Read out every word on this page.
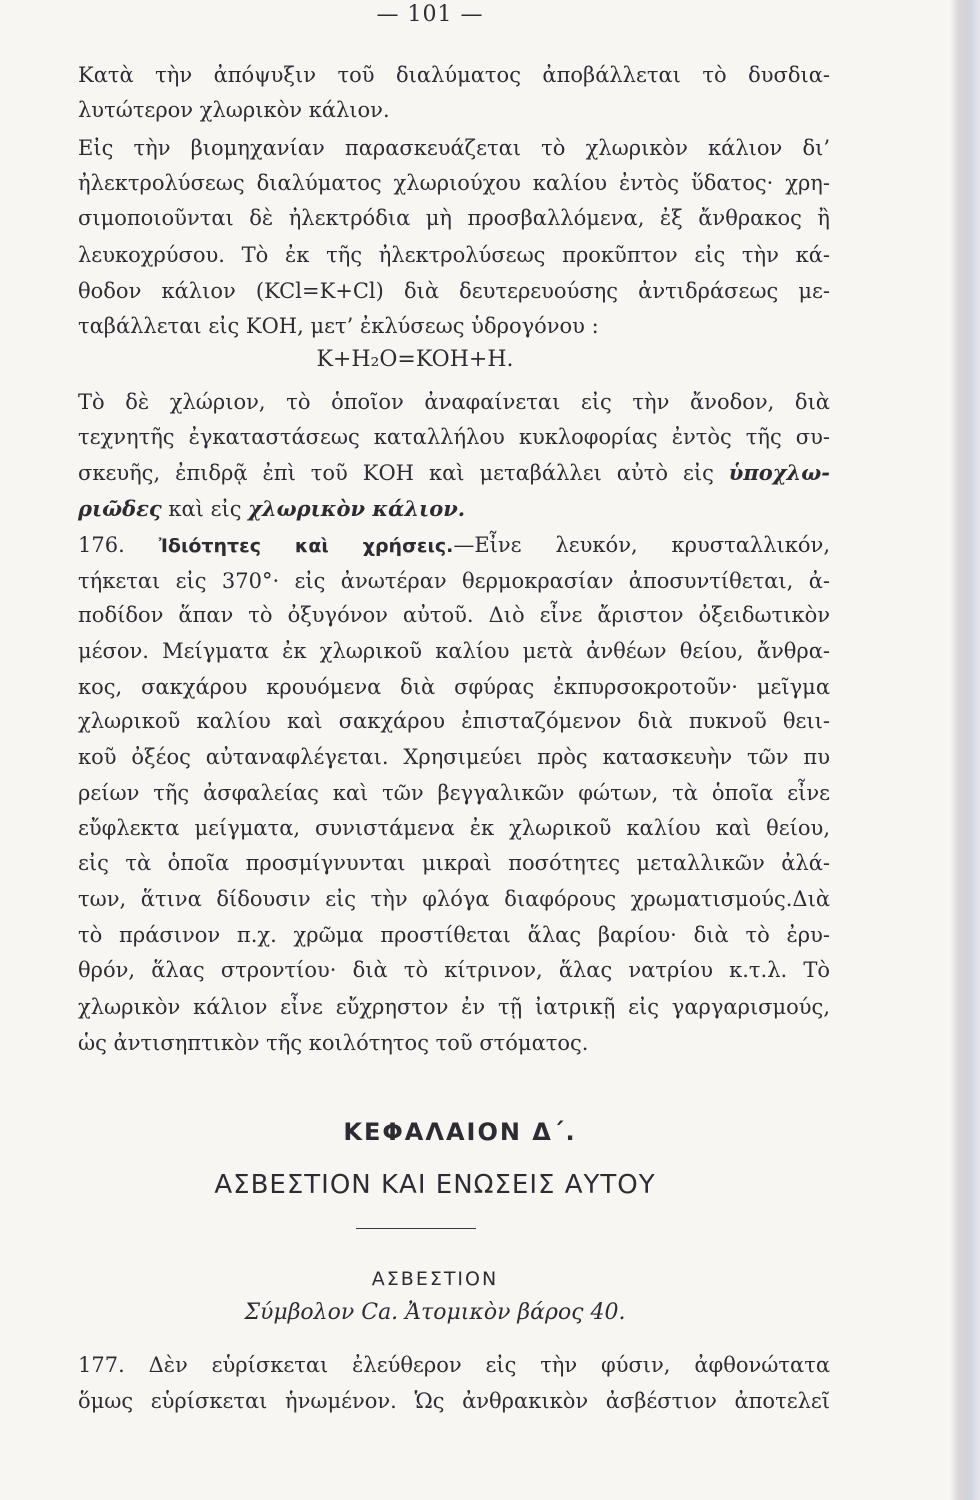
— 101 —
Κατὰ τὴν ἀπόψυξιν τοῦ διαλύματος ἀποβάλλεται τὸ δυσδια-
λυτώτερον χλωρικὸν κάλιον.
Εἰς τὴν βιομηχανίαν παρασκευάζεται τὸ χλωρικὸν κάλιον δι’
ἠλεκτρολύσεως διαλύματος χλωριούχου καλίου ἐντὸς ὕδατος· χρη-
σιμοποιοῦνται δὲ ἠλεκτρόδια μὴ προσβαλλόμενα, ἐξ ἄνθρακος ἢ
λευκοχρύσου. Τὸ ἐκ τῆς ἠλεκτρολύσεως προκῦπτον εἰς τὴν κά-
θοδον κάλιον (KCl=K+Cl) διὰ δευτερευούσης ἀντιδράσεως με-
ταβάλλεται εἰς ΚΟΗ, μετ’ ἐκλύσεως ὑδρογόνου :
K+H₂O=KOH+H.
Τὸ δὲ χλώριον, τὸ ὁποῖον ἀναφαίνεται εἰς τὴν ἄνοδον, διὰ
τεχνητῆς ἐγκαταστάσεως καταλλήλου κυκλοφορίας ἐντὸς τῆς συ-
σκευῆς, ἐπιδρᾷ ἐπὶ τοῦ ΚΟΗ καὶ μεταβάλλει αὐτὸ εἰς ὑποχλω-
ριῶδες καὶ εἰς χλωρικὸν κάλιον.
176. Ἰδιότητες καὶ χρήσεις.—Εἶνε λευκόν, κρυσταλλικόν,
τήκεται εἰς 370°· εἰς ἀνωτέραν θερμοκρασίαν ἀποσυντίθεται, ἀ-
ποδίδον ἅπαν τὸ ὀξυγόνον αὐτοῦ. Διὸ εἶνε ἄριστον ὀξειδωτικὸν
μέσον. Μείγματα ἐκ χλωρικοῦ καλίου μετὰ ἀνθέων θείου, ἄνθρα-
κος, σακχάρου κρουόμενα διὰ σφύρας ἐκπυρσοκροτοῦν· μεῖγμα
χλωρικοῦ καλίου καὶ σακχάρου ἐπισταζόμενον διὰ πυκνοῦ θειι-
κοῦ ὀξέος αὐταναφλέγεται. Χρησιμεύει πρὸς κατασκευὴν τῶν πυ
ρείων τῆς ἀσφαλείας καὶ τῶν βεγγαλικῶν φώτων, τὰ ὁποῖα εἶνε
εὔφλεκτα μείγματα, συνιστάμενα ἐκ χλωρικοῦ καλίου καὶ θείου,
εἰς τὰ ὁποῖα προσμίγνυνται μικραὶ ποσότητες μεταλλικῶν ἀλά-
των, ἅτινα δίδουσιν εἰς τὴν φλόγα διαφόρους χρωματισμούς.Διὰ
τὸ πράσινον π.χ. χρῶμα προστίθεται ἅλας βαρίου· διὰ τὸ ἐρυ-
θρόν, ἅλας στροντίου· διὰ τὸ κίτρινον, ἅλας νατρίου κ.τ.λ. Τὸ
χλωρικὸν κάλιον εἶνε εὔχρηστον ἐν τῇ ἰατρικῇ εἰς γαργαρισμούς,
ὡς ἀντισηπτικὸν τῆς κοιλότητος τοῦ στόματος.
ΚΕΦΑΛΑΙΟΝ Δ΄.
ΑΣΒΕΣΤΙΟΝ ΚΑΙ ΕΝΩΣΕΙΣ ΑΥΤΟΥ
ΑΣΒΕΣΤΙΟΝ
Σύμβολον Ca. Ἀτομικὸν βάρος 40.
177. Δὲν εὑρίσκεται ἐλεύθερον εἰς τὴν φύσιν, ἀφθονώτατα
ὅμως εὑρίσκεται ἡνωμένον. Ὡς ἀνθρακικὸν ἀσβέστιον ἀποτελεῖ
